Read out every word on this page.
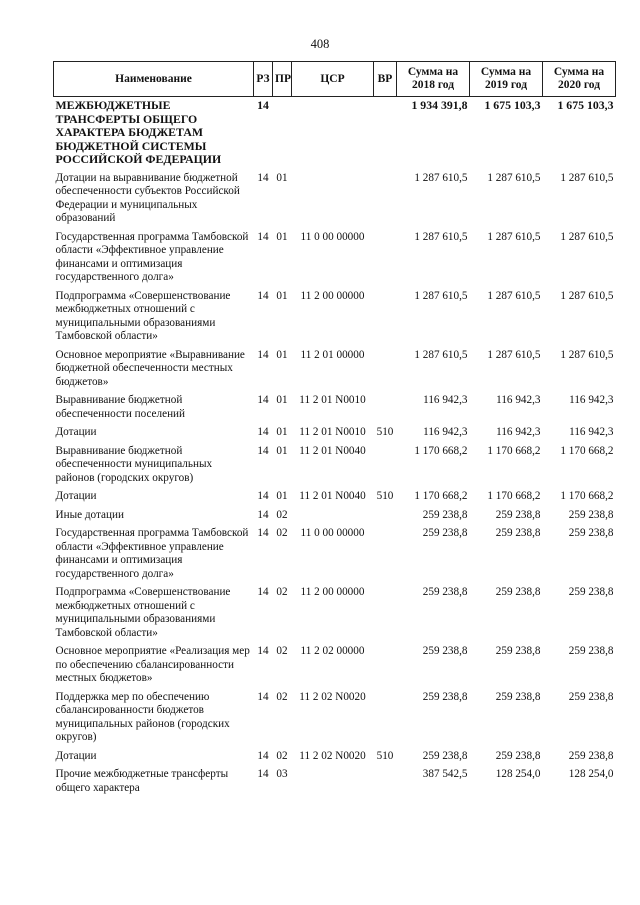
408
Наименование	РЗ	ПР	ЦСР	ВР	Сумма на 2018 год	Сумма на 2019 год	Сумма на 2020 год
МЕЖБЮДЖЕТНЫЕ ТРАНСФЕРТЫ ОБЩЕГО ХАРАКТЕРА БЮДЖЕТАМ БЮДЖЕТНОЙ СИСТЕМЫ РОССИЙСКОЙ ФЕДЕРАЦИИ	14				1 934 391,8	1 675 103,3	1 675 103,3
Дотации на выравнивание бюджетной обеспеченности субъектов Российской Федерации и муниципальных образований	14	01			1 287 610,5	1 287 610,5	1 287 610,5
Государственная программа Тамбовской области «Эффективное управление финансами и оптимизация государственного долга»	14	01	11 0 00 00000		1 287 610,5	1 287 610,5	1 287 610,5
Подпрограмма «Совершенствование межбюджетных отношений с муниципальными образованиями Тамбовской области»	14	01	11 2 00 00000		1 287 610,5	1 287 610,5	1 287 610,5
Основное мероприятие «Выравнивание бюджетной обеспеченности местных бюджетов»	14	01	11 2 01 00000		1 287 610,5	1 287 610,5	1 287 610,5
Выравнивание бюджетной обеспеченности поселений	14	01	11 2 01 N0010		116 942,3	116 942,3	116 942,3
Дотации	14	01	11 2 01 N0010	510	116 942,3	116 942,3	116 942,3
Выравнивание бюджетной обеспеченности муниципальных районов (городских округов)	14	01	11 2 01 N0040		1 170 668,2	1 170 668,2	1 170 668,2
Дотации	14	01	11 2 01 N0040	510	1 170 668,2	1 170 668,2	1 170 668,2
Иные дотации	14	02			259 238,8	259 238,8	259 238,8
Государственная программа Тамбовской области «Эффективное управление финансами и оптимизация государственного долга»	14	02	11 0 00 00000		259 238,8	259 238,8	259 238,8
Подпрограмма «Совершенствование межбюджетных отношений с муниципальными образованиями Тамбовской области»	14	02	11 2 00 00000		259 238,8	259 238,8	259 238,8
Основное мероприятие «Реализация мер по обеспечению сбалансированности местных бюджетов»	14	02	11 2 02 00000		259 238,8	259 238,8	259 238,8
Поддержка мер по обеспечению сбалансированности бюджетов муниципальных районов (городских округов)	14	02	11 2 02 N0020		259 238,8	259 238,8	259 238,8
Дотации	14	02	11 2 02 N0020	510	259 238,8	259 238,8	259 238,8
Прочие межбюджетные трансферты общего характера	14	03			387 542,5	128 254,0	128 254,0
